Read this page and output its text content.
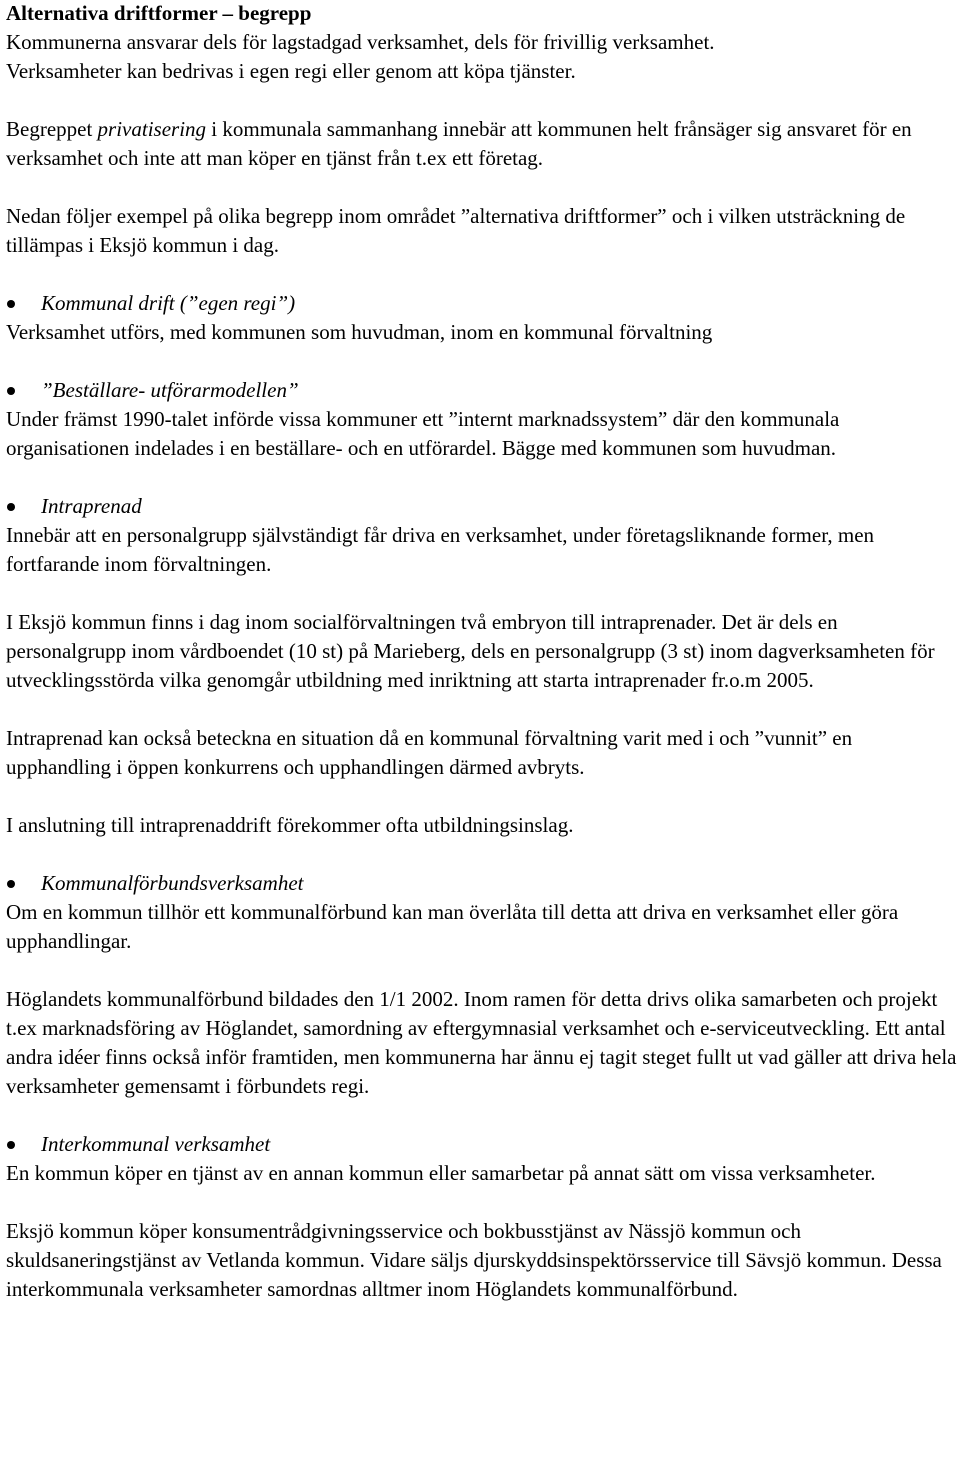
Alternativa driftformer – begrepp

Kommunerna ansvarar dels för lagstadgad verksamhet, dels för frivillig verksamhet.

Verksamheter kan bedrivas i egen regi eller genom att köpa tjänster.

Begreppet privatisering i kommunala sammanhang innebär att kommunen helt frånsäger sig ansvaret för en verksamhet och inte att man köper en tjänst från t.ex ett företag.

Nedan följer exempel på olika begrepp inom området ”alternativa driftformer” och i vilken utsträckning de tillämpas i Eksjö kommun i dag.

Kommunal drift (”egen regi”)

Verksamhet utförs, med kommunen som huvudman, inom en kommunal förvaltning

”Beställare- utförarmodellen”

Under främst 1990-talet införde vissa kommuner ett ”internt marknadssystem” där den kommunala organisationen indelades i en beställare- och en utförardel. Bägge med kommunen som huvudman.

Intraprenad

Innebär att en personalgrupp självständigt får driva en verksamhet, under företagsliknande former, men fortfarande inom förvaltningen.

I Eksjö kommun finns i dag inom socialförvaltningen två embryon till intraprenader. Det är dels en personalgrupp inom vårdboendet (10 st) på Marieberg, dels en personalgrupp (3 st) inom dagverksamheten för utvecklingsstörda vilka genomgår utbildning med inriktning att starta intraprenader fr.o.m 2005.

Intraprenad kan också beteckna en situation då en kommunal förvaltning varit med i och ”vunnit” en upphandling i öppen konkurrens och upphandlingen därmed avbryts.

I anslutning till intraprenaddrift förekommer ofta utbildningsinslag.

Kommunalförbundsverksamhet

Om en kommun tillhör ett kommunalförbund kan man överlåta till detta att driva en verksamhet eller göra upphandlingar.

Höglandets kommunalförbund bildades den 1/1 2002. Inom ramen för detta drivs olika samarbeten och projekt t.ex marknadsföring av Höglandet, samordning av eftergymnasial verksamhet och e-serviceutveckling. Ett antal andra idéer finns också inför framtiden, men kommunerna har ännu ej tagit steget fullt ut vad gäller att driva hela verksamheter gemensamt i förbundets regi.

Interkommunal verksamhet

En kommun köper en tjänst av en annan kommun eller samarbetar på annat sätt om vissa verksamheter.

Eksjö kommun köper konsumentrådgivningsservice och bokbusstjänst av Nässjö kommun och skuldsaneringstjänst av Vetlanda kommun. Vidare säljs djurskyddsinspektörsservice till Sävsjö kommun. Dessa interkommunala verksamheter samordnas alltmer inom Höglandets kommunalförbund.
